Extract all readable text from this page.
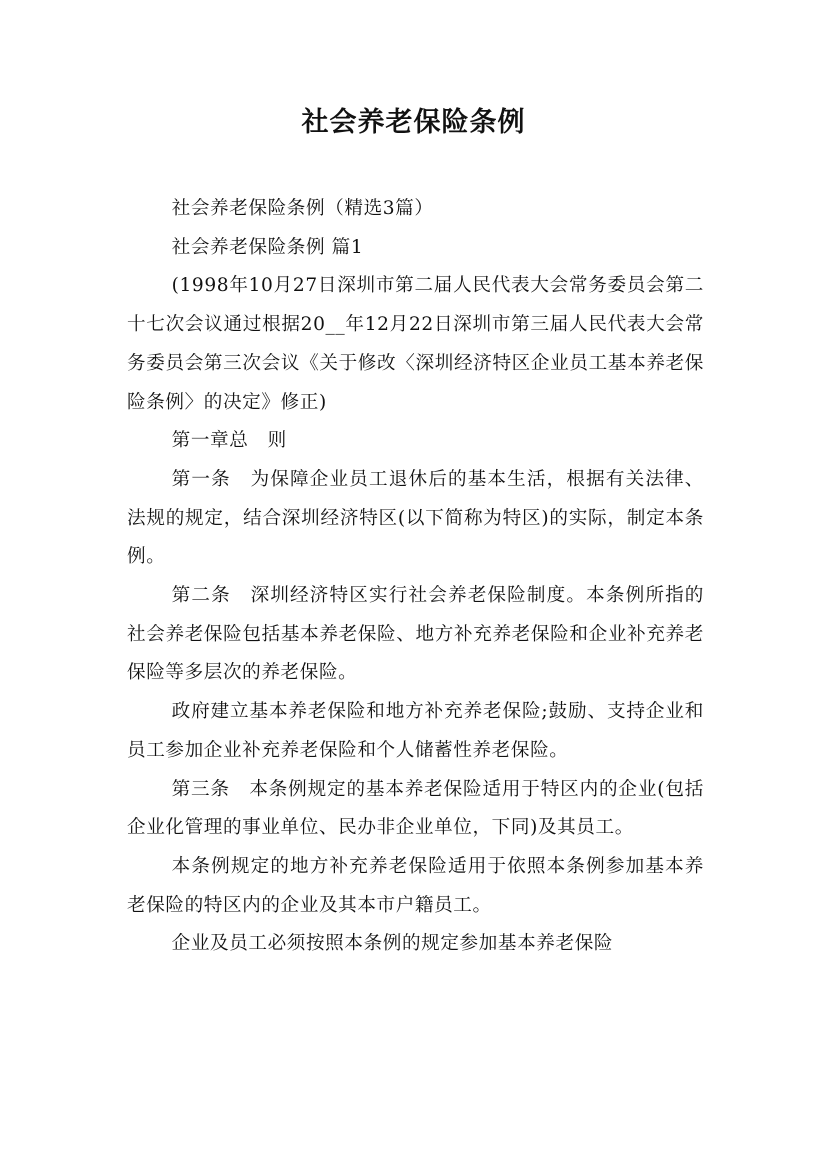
社会养老保险条例

社会养老保险条例（精选3篇）

社会养老保险条例 篇1

(1998年10月27日深圳市第二届人民代表大会常务委员会第二十七次会议通过根据20__年12月22日深圳市第三届人民代表大会常务委员会第三次会议《关于修改〈深圳经济特区企业员工基本养老保险条例〉的决定》修正)

第一章总　则

第一条　为保障企业员工退休后的基本生活，根据有关法律、法规的规定，结合深圳经济特区(以下简称为特区)的实际，制定本条例。

第二条　深圳经济特区实行社会养老保险制度。本条例所指的社会养老保险包括基本养老保险、地方补充养老保险和企业补充养老保险等多层次的养老保险。

政府建立基本养老保险和地方补充养老保险;鼓励、支持企业和员工参加企业补充养老保险和个人储蓄性养老保险。

第三条　本条例规定的基本养老保险适用于特区内的企业(包括企业化管理的事业单位、民办非企业单位，下同)及其员工。

本条例规定的地方补充养老保险适用于依照本条例参加基本养老保险的特区内的企业及其本市户籍员工。

企业及员工必须按照本条例的规定参加基本养老保险
